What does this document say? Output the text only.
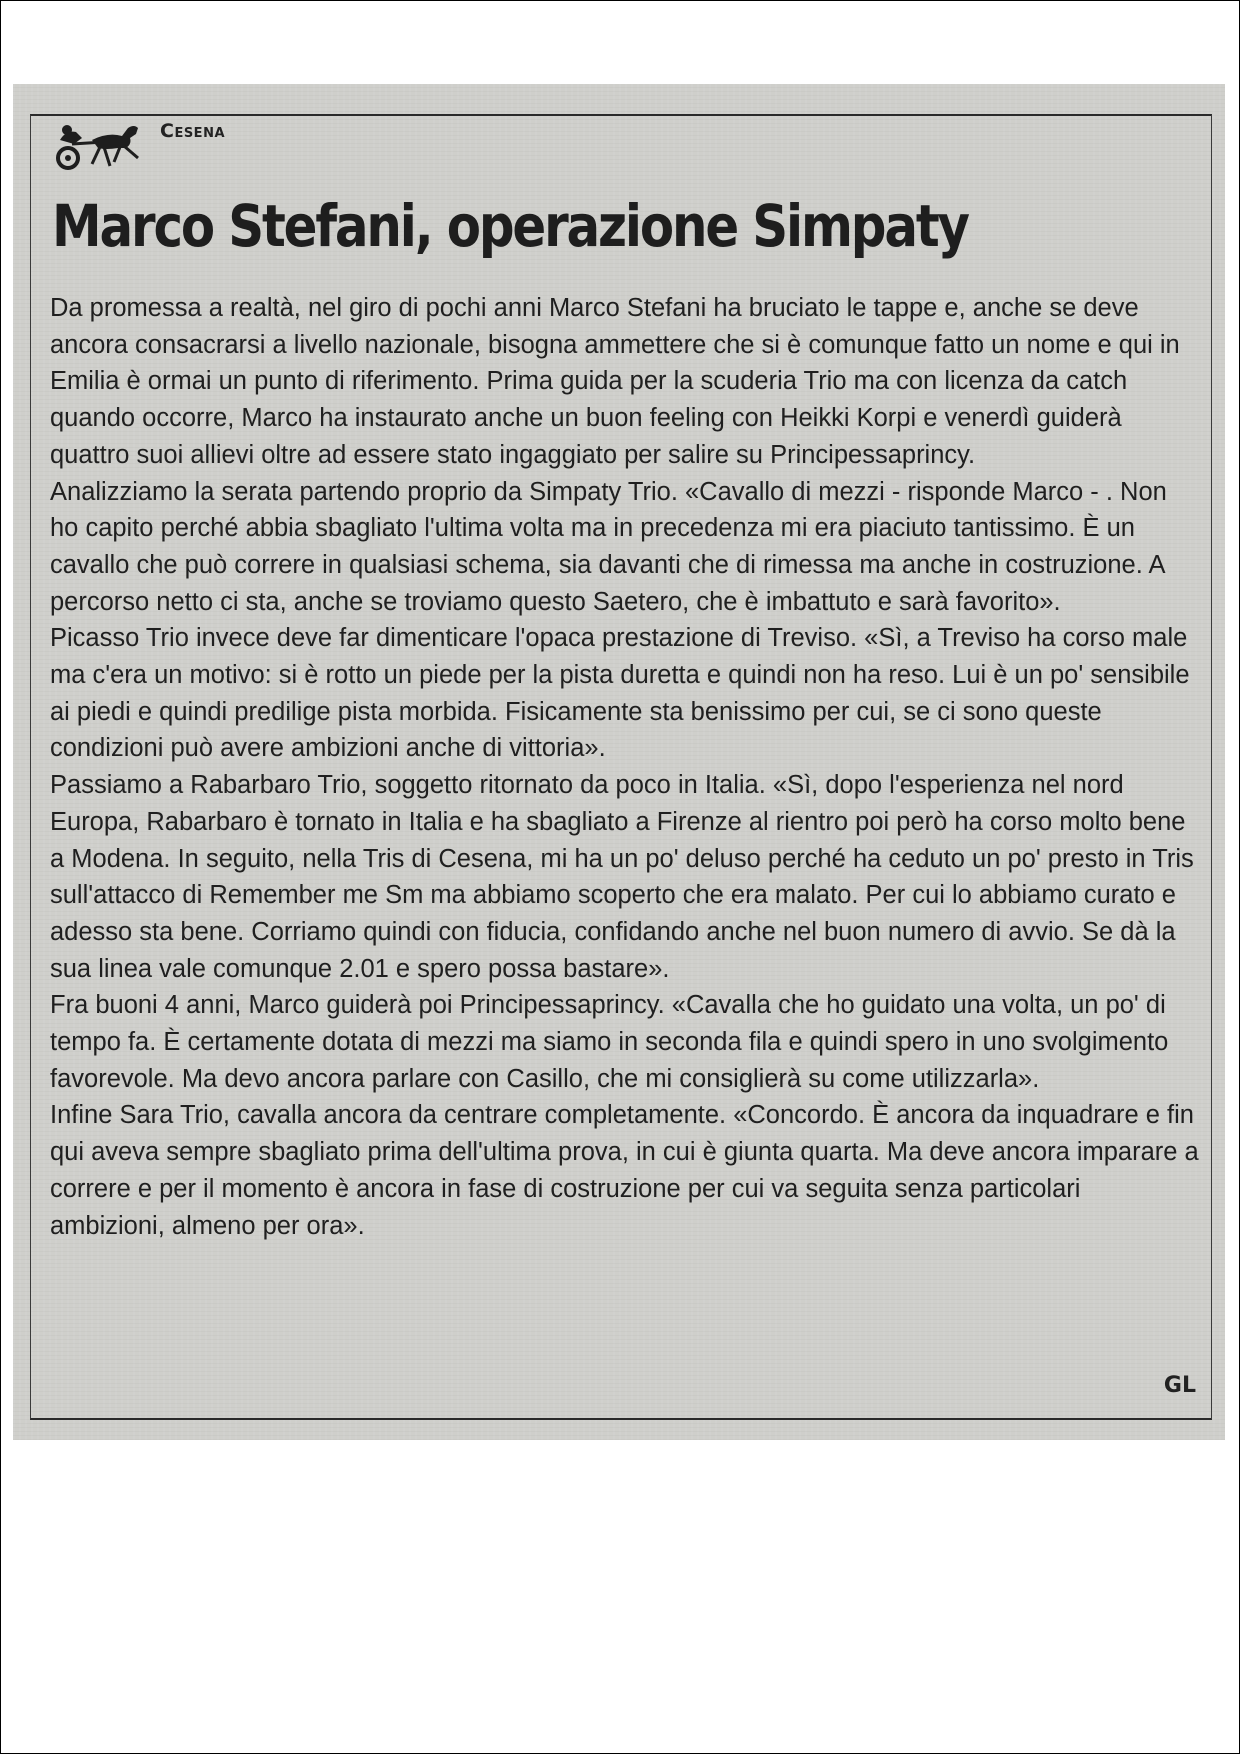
Cesena
Marco Stefani, operazione Simpaty

Da promessa a realtà, nel giro di pochi anni Marco Stefani ha bruciato le tappe e, anche se deve ancora consacrarsi a livello nazionale, bisogna ammettere che si è comunque fatto un nome e qui in Emilia è ormai un punto di riferimento. Prima guida per la scuderia Trio ma con licenza da catch quando occorre, Marco ha instaurato anche un buon feeling con Heikki Korpi e venerdì guiderà quattro suoi allievi oltre ad essere stato ingaggiato per salire su Principessaprincy.

Analizziamo la serata partendo proprio da Simpaty Trio. «Cavallo di mezzi - risponde Marco - . Non ho capito perché abbia sbagliato l'ultima volta ma in precedenza mi era piaciuto tantissimo. È un cavallo che può correre in qualsiasi schema, sia davanti che di rimessa ma anche in costruzione. A percorso netto ci sta, anche se troviamo questo Saetero, che è imbattuto e sarà favorito».

Picasso Trio invece deve far dimenticare l'opaca prestazione di Treviso. «Sì, a Treviso ha corso male ma c'era un motivo: si è rotto un piede per la pista duretta e quindi non ha reso. Lui è un po' sensibile ai piedi e quindi predilige pista morbida. Fisicamente sta benissimo per cui, se ci sono queste condizioni può avere ambizioni anche di vittoria».

Passiamo a Rabarbaro Trio, soggetto ritornato da poco in Italia. «Sì, dopo l'esperienza nel nord Europa, Rabarbaro è tornato in Italia e ha sbagliato a Firenze al rientro poi però ha corso molto bene a Modena. In seguito, nella Tris di Cesena, mi ha un po' deluso perché ha ceduto un po' presto in Tris sull'attacco di Remember me Sm ma abbiamo scoperto che era malato. Per cui lo abbiamo curato e adesso sta bene. Corriamo quindi con fiducia, confidando anche nel buon numero di avvio. Se dà la sua linea vale comunque 2.01 e spero possa bastare».

Fra buoni 4 anni, Marco guiderà poi Principessaprincy. «Cavalla che ho guidato una volta, un po' di tempo fa. È certamente dotata di mezzi ma siamo in seconda fila e quindi spero in uno svolgimento favorevole. Ma devo ancora parlare con Casillo, che mi consiglierà su come utilizzarla».

Infine Sara Trio, cavalla ancora da centrare completamente. «Concordo. È ancora da inquadrare e fin qui aveva sempre sbagliato prima dell'ultima prova, in cui è giunta quarta. Ma deve ancora imparare a correre e per il momento è ancora in fase di costruzione per cui va seguita senza particolari ambizioni, almeno per ora».

GL
